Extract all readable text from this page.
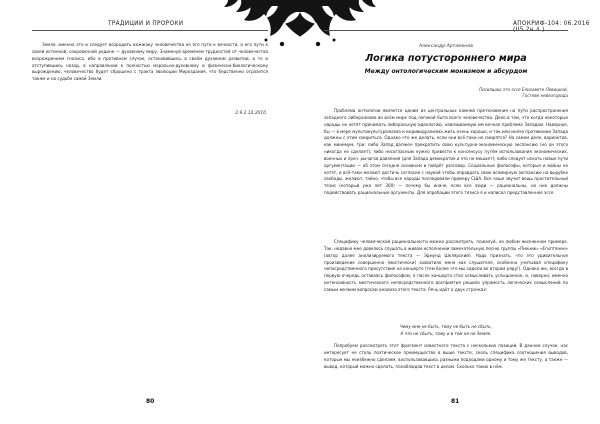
ТРАДИЦИИ И ПРОРОКИ

Земле, именно это и следует возродить вожжаку человечества из его пути к вечности, а его пути к своей истинной, сокровенной родине — духовному миру. Знаменуй временем трудностей от человечества возрождением гнозиса, ибо в противном случае, остановившись в своём духовном развитии, а то и отступившись назад, в направлении к полностью морально-духовному и физически-биологическому вырождению, человечество будет сброшено с тракта эволюции Мироздания, что бедственно отразится также и на судьбе самой Земли.

2.9.2.10.2010
80
АПОКРИФ-104: 06.2016
Александр Артамонов
Логика потустороннего мира
Между онтологическим монизмом и абсурдом
Посвящаю это эссе Елизавете Левицкой,
Гостеве невезгорода

Проблема онтологии является одним из центральных камней преткновения на пути распространения западного либерализма во всём мире под логикой быта всего человечества. Дело в том, что когда некоторые народы не хотят принимать либеральную идеологию, навязываемую им вечная проблема Западом. Наверное, бы — в мере мультикультурализма и индивидуализма жить очень хорошо, и так или иначе противники Запада должны с этим смириться. Однако что же делать, если они всё-таки не смирятся? На самом деле, вариантов, как минимум, три: либо Запад должен прекратить свою культурно-экономическую экспансию (но он этого никогда не сделает), либо несогласным нужно привести к консенсусу путём использования экономических, военных и проч. рычагов давления (для Запада демократия и это не мешает); либо следует искать новые пути аргументации — об этом сегодня основном и пойдёт разговор. Социальные философы, которые и войны не хотят, и всё-таки желают достичь согласия с наукой чтобы оправдать свою всемирную экспансию на вырубке свободы, желают, тайно, чтобы все народы последовали примеру США. Все чаще звучит вещь простительный тезис (который уже лет 300) — почему бы иначе, если все люди — рациональны, на них должны подействовать рациональные аргументы. Для апробации этого тезиса я и написал представленное эссе.

Специфику человеческой рациональности можно рассмотреть, пожалуй, на любом жизненном примере. Так, недавно мне довелось слушать в живом исполнении замечательную песню группы «Пикник» «Египтянин» (автор далее анализируемого текста — Эдмунд Шклярский). Надо признать, что это удивительное произведение совершенно (мистически) захватило меня как слушателя, особенно учитывая специфику непосредственного присутствия на концерте (тем более что мы сидели во втором ряду!). Однако же, всегда в первую очередь оставаясь философом, я после концерта стал осмысливать услышанное, и, наверно, именно интенсивность мистического непосредственного восприятия решила упрямость логических осмыслений по самым мелким вопросам анализа этого текста. Речь идёт о двух строчках:

Чему мне не быть, тому не быть не сбыть,
А что не сбыть, тому и в том не не Земле.

Попробуем рассмотреть этот фрагмент известного текста с нескольких позиций. В данном случае, нас интересует не столь поэтическое преимущество в выше тексте, сколь специфика соотношения выводов, которые мы неизбежно сделаем, воспользовавшись разными подходами одному и тому же тексту, а также — вывод, который можно сделать, понаблюдав текст в целом. Сколько таких в нём.

81
